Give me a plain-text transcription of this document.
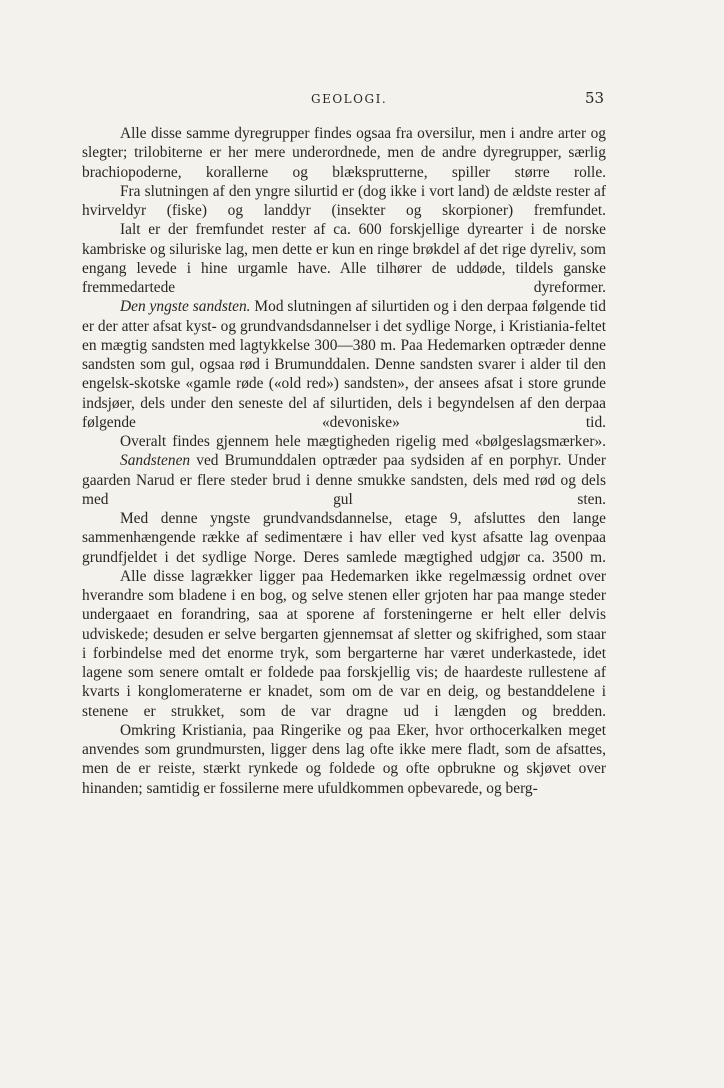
GEOLOGI.	53

Alle disse samme dyregrupper findes ogsaa fra oversilur, men i andre arter og slegter; trilobiterne er her mere underordnede, men de andre dyregrupper, særlig brachiopoderne, korallerne og blæksprutterne, spiller større rolle.

Fra slutningen af den yngre silurtid er (dog ikke i vort land) de ældste rester af hvirveldyr (fiske) og landdyr (insekter og skorpioner) fremfundet.

Ialt er der fremfundet rester af ca. 600 forskjellige dyrearter i de norske kambriske og siluriske lag, men dette er kun en ringe brøkdel af det rige dyreliv, som engang levede i hine urgamle have. Alle tilhører de uddøde, tildels ganske fremmedartede dyreformer.

Den yngste sandsten. Mod slutningen af silurtiden og i den derpaa følgende tid er der atter afsat kyst- og grundvandsdannelser i det sydlige Norge, i Kristiania-feltet en mægtig sandsten med lagtykkelse 300—380 m. Paa Hedemarken optræder denne sandsten som gul, ogsaa rød i Brumunddalen. Denne sandsten svarer i alder til den engelsk-skotske «gamle røde («old red») sandsten», der ansees afsat i store grunde indsjøer, dels under den seneste del af silurtiden, dels i begyndelsen af den derpaa følgende «devoniske» tid.

Overalt findes gjennem hele mægtigheden rigelig med «bølgeslagsmærker».

Sandstenen ved Brumunddalen optræder paa sydsiden af en porphyr. Under gaarden Narud er flere steder brud i denne smukke sandsten, dels med rød og dels med gul sten.

Med denne yngste grundvandsdannelse, etage 9, afsluttes den lange sammenhængende række af sedimentære i hav eller ved kyst afsatte lag ovenpaa grundfjeldet i det sydlige Norge. Deres samlede mægtighed udgjør ca. 3500 m.

Alle disse lagrækker ligger paa Hedemarken ikke regelmæssig ordnet over hverandre som bladene i en bog, og selve stenen eller grjoten har paa mange steder undergaaet en forandring, saa at sporene af forsteningerne er helt eller delvis udviskede; desuden er selve bergarten gjennemsat af sletter og skifrighed, som staar i forbindelse med det enorme tryk, som bergarterne har været underkastede, idet lagene som senere omtalt er foldede paa forskjellig vis; de haardeste rullestene af kvarts i konglomeraterne er knadet, som om de var en deig, og bestanddelene i stenene er strukket, som de var dragne ud i længden og bredden.

Omkring Kristiania, paa Ringerike og paa Eker, hvor orthocerkalken meget anvendes som grundmursten, ligger dens lag ofte ikke mere fladt, som de afsattes, men de er reiste, stærkt rynkede og foldede og ofte opbrukne og skjøvet over hinanden; samtidig er fossilerne mere ufuldkommen opbevarede, og berg-
